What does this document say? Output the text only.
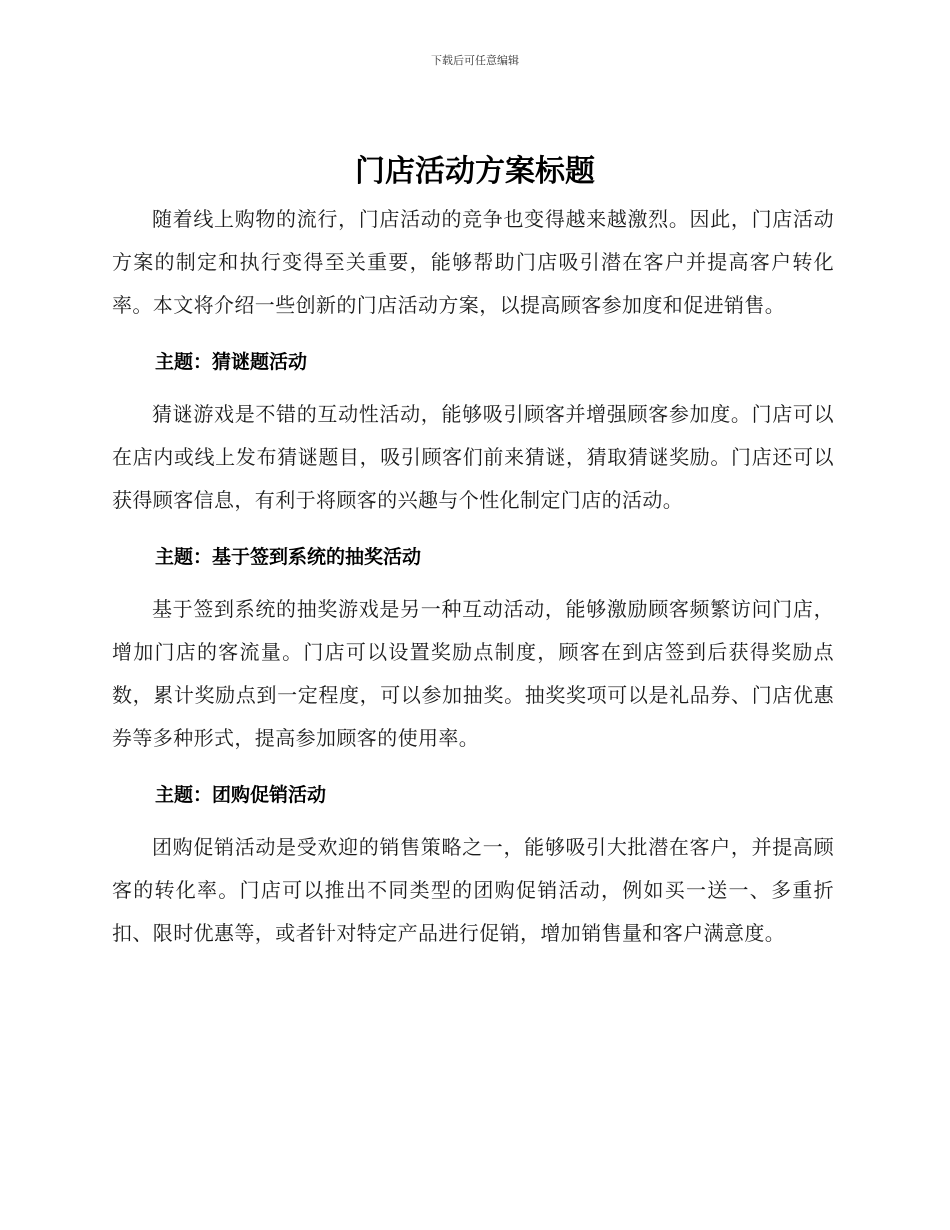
下载后可任意编辑
门店活动方案标题

随着线上购物的流行，门店活动的竞争也变得越来越激烈。因此，门店活动方案的制定和执行变得至关重要，能够帮助门店吸引潜在客户并提高客户转化率。本文将介绍一些创新的门店活动方案，以提高顾客参加度和促进销售。

主题：猜谜题活动

猜谜游戏是不错的互动性活动，能够吸引顾客并增强顾客参加度。门店可以在店内或线上发布猜谜题目，吸引顾客们前来猜谜，猜取猜谜奖励。门店还可以获得顾客信息，有利于将顾客的兴趣与个性化制定门店的活动。

主题：基于签到系统的抽奖活动

基于签到系统的抽奖游戏是另一种互动活动，能够激励顾客频繁访问门店，增加门店的客流量。门店可以设置奖励点制度，顾客在到店签到后获得奖励点数，累计奖励点到一定程度，可以参加抽奖。抽奖奖项可以是礼品券、门店优惠券等多种形式，提高参加顾客的使用率。

主题：团购促销活动

团购促销活动是受欢迎的销售策略之一，能够吸引大批潜在客户，并提高顾客的转化率。门店可以推出不同类型的团购促销活动，例如买一送一、多重折扣、限时优惠等，或者针对特定产品进行促销，增加销售量和客户满意度。
